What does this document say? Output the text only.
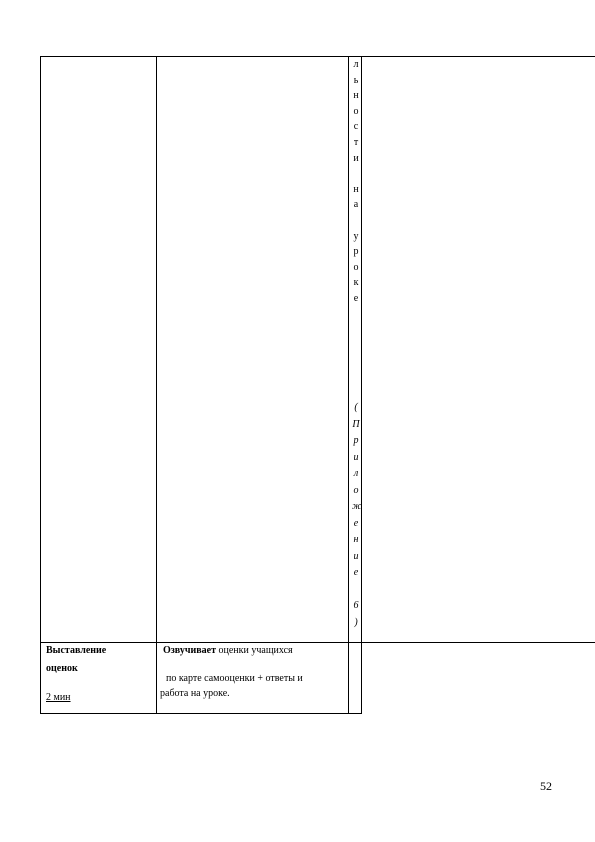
л
ь
н
о
с
т
и

н
а

у
р
о
к
е
(
П
р
и
л
о
ж
е
н
и
е

6
)
Выставление
оценок
2 мин
Озвучивает оценки учащихся
по карте самооценки + ответы и
работа на уроке.
52
